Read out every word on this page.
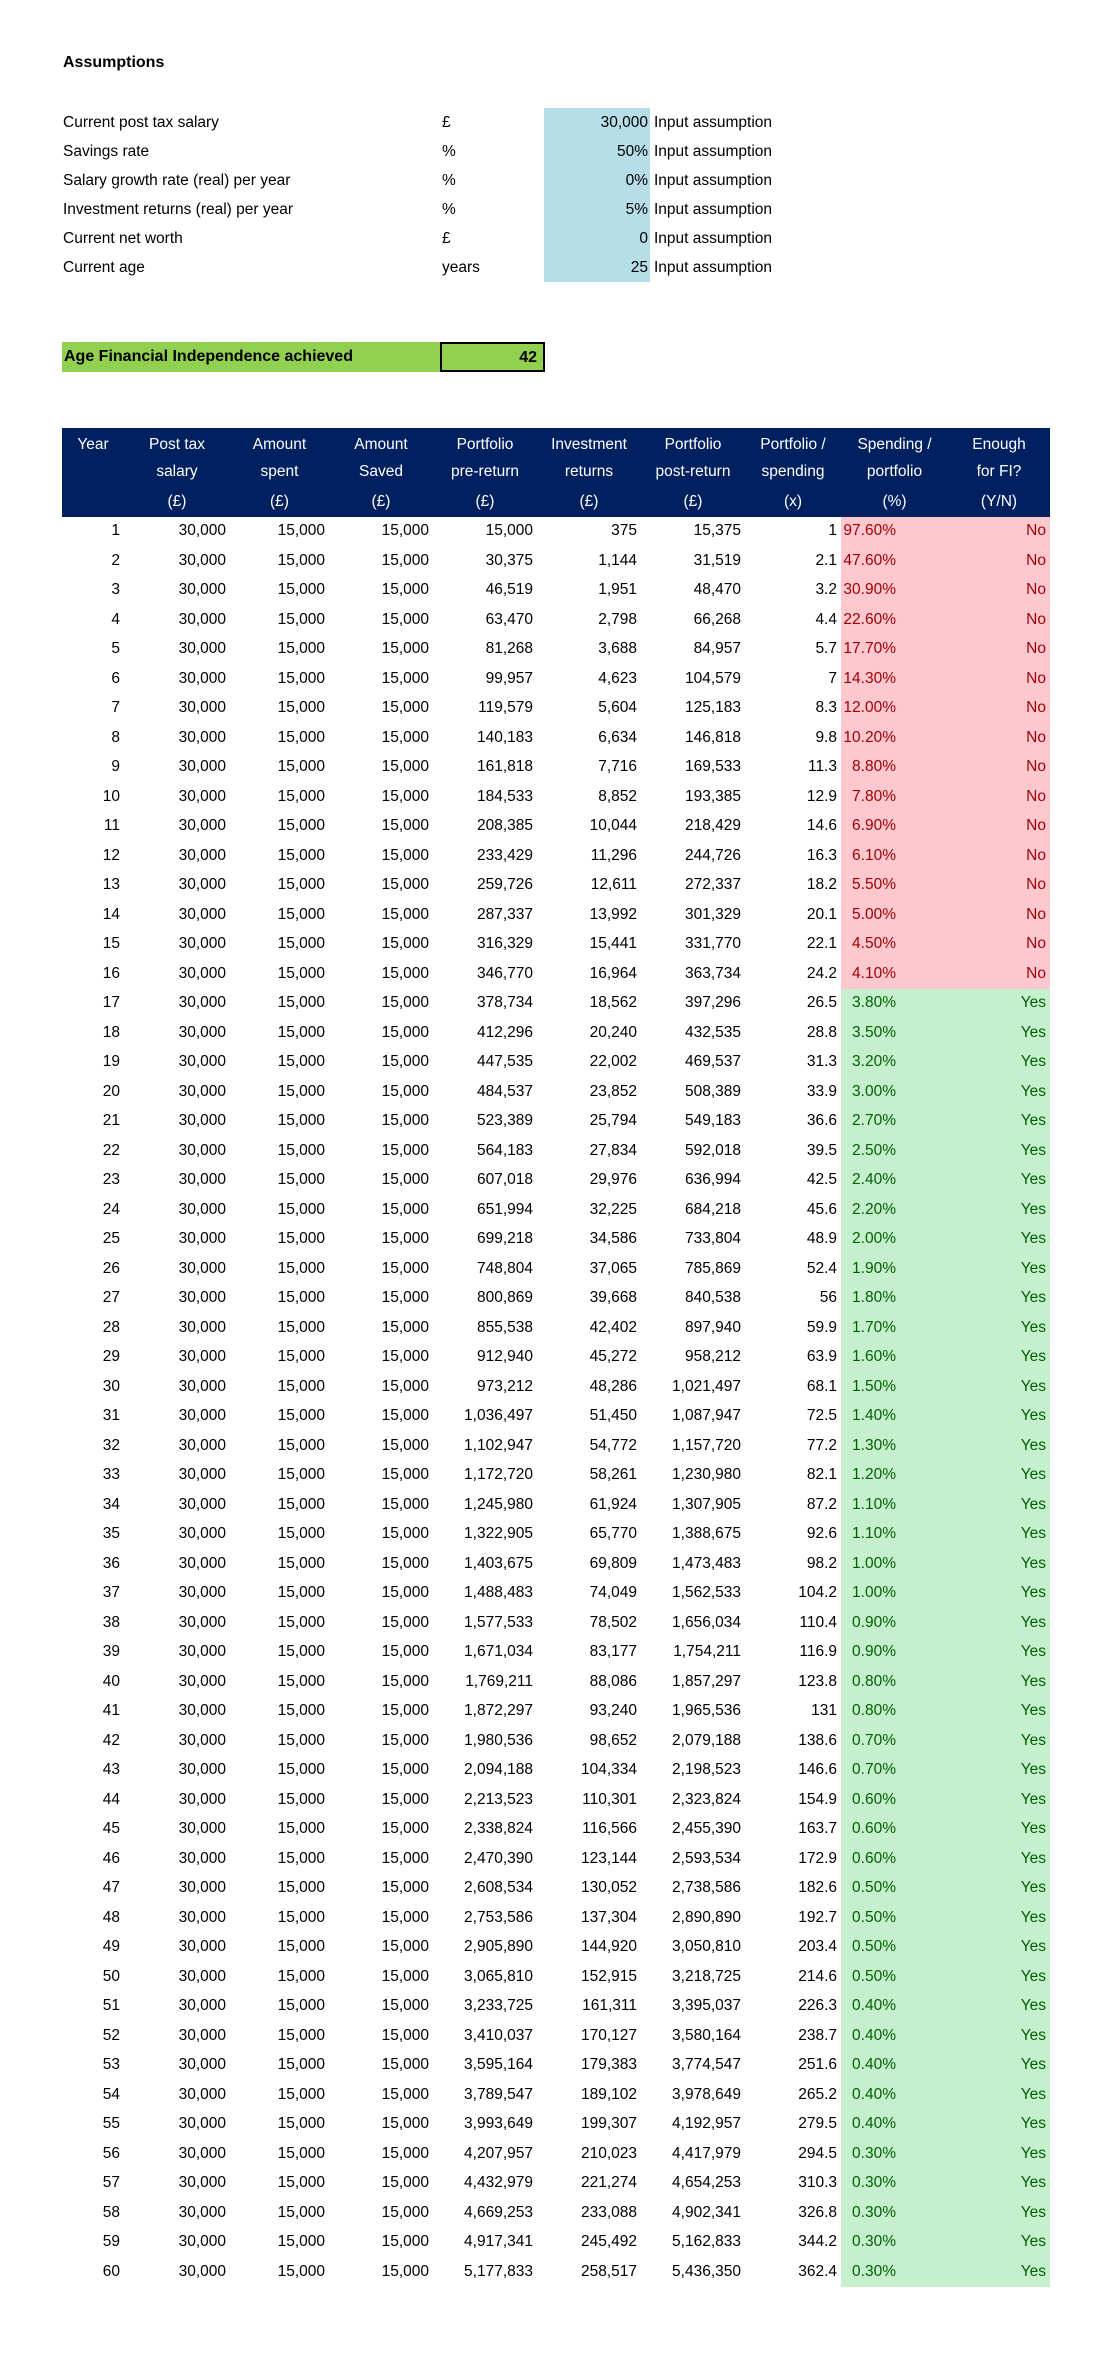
Assumptions
Current post tax salary	£	30,000 Input assumption
Savings rate	%	50% Input assumption
Salary growth rate (real) per year	%	0% Input assumption
Investment returns (real) per year	%	5% Input assumption
Current net worth	£	0 Input assumption
Current age	years	25 Input assumption
Age Financial Independence achieved	42
Year	Post tax	Amount	Amount	Portfolio	Investment	Portfolio	Portfolio /	Spending /	Enough
	salary	spent	Saved	pre-return	returns	post-return	spending	portfolio	for FI?
	(£)	(£)	(£)	(£)	(£)	(£)	(x)	(%)	(Y/N)
1	30,000	15,000	15,000	15,000	375	15,375	1	97.60%	No
2	30,000	15,000	15,000	30,375	1,144	31,519	2.1	47.60%	No
3	30,000	15,000	15,000	46,519	1,951	48,470	3.2	30.90%	No
4	30,000	15,000	15,000	63,470	2,798	66,268	4.4	22.60%	No
5	30,000	15,000	15,000	81,268	3,688	84,957	5.7	17.70%	No
6	30,000	15,000	15,000	99,957	4,623	104,579	7	14.30%	No
7	30,000	15,000	15,000	119,579	5,604	125,183	8.3	12.00%	No
8	30,000	15,000	15,000	140,183	6,634	146,818	9.8	10.20%	No
9	30,000	15,000	15,000	161,818	7,716	169,533	11.3	8.80%	No
10	30,000	15,000	15,000	184,533	8,852	193,385	12.9	7.80%	No
11	30,000	15,000	15,000	208,385	10,044	218,429	14.6	6.90%	No
12	30,000	15,000	15,000	233,429	11,296	244,726	16.3	6.10%	No
13	30,000	15,000	15,000	259,726	12,611	272,337	18.2	5.50%	No
14	30,000	15,000	15,000	287,337	13,992	301,329	20.1	5.00%	No
15	30,000	15,000	15,000	316,329	15,441	331,770	22.1	4.50%	No
16	30,000	15,000	15,000	346,770	16,964	363,734	24.2	4.10%	No
17	30,000	15,000	15,000	378,734	18,562	397,296	26.5	3.80%	Yes
18	30,000	15,000	15,000	412,296	20,240	432,535	28.8	3.50%	Yes
19	30,000	15,000	15,000	447,535	22,002	469,537	31.3	3.20%	Yes
20	30,000	15,000	15,000	484,537	23,852	508,389	33.9	3.00%	Yes
21	30,000	15,000	15,000	523,389	25,794	549,183	36.6	2.70%	Yes
22	30,000	15,000	15,000	564,183	27,834	592,018	39.5	2.50%	Yes
23	30,000	15,000	15,000	607,018	29,976	636,994	42.5	2.40%	Yes
24	30,000	15,000	15,000	651,994	32,225	684,218	45.6	2.20%	Yes
25	30,000	15,000	15,000	699,218	34,586	733,804	48.9	2.00%	Yes
26	30,000	15,000	15,000	748,804	37,065	785,869	52.4	1.90%	Yes
27	30,000	15,000	15,000	800,869	39,668	840,538	56	1.80%	Yes
28	30,000	15,000	15,000	855,538	42,402	897,940	59.9	1.70%	Yes
29	30,000	15,000	15,000	912,940	45,272	958,212	63.9	1.60%	Yes
30	30,000	15,000	15,000	973,212	48,286	1,021,497	68.1	1.50%	Yes
31	30,000	15,000	15,000	1,036,497	51,450	1,087,947	72.5	1.40%	Yes
32	30,000	15,000	15,000	1,102,947	54,772	1,157,720	77.2	1.30%	Yes
33	30,000	15,000	15,000	1,172,720	58,261	1,230,980	82.1	1.20%	Yes
34	30,000	15,000	15,000	1,245,980	61,924	1,307,905	87.2	1.10%	Yes
35	30,000	15,000	15,000	1,322,905	65,770	1,388,675	92.6	1.10%	Yes
36	30,000	15,000	15,000	1,403,675	69,809	1,473,483	98.2	1.00%	Yes
37	30,000	15,000	15,000	1,488,483	74,049	1,562,533	104.2	1.00%	Yes
38	30,000	15,000	15,000	1,577,533	78,502	1,656,034	110.4	0.90%	Yes
39	30,000	15,000	15,000	1,671,034	83,177	1,754,211	116.9	0.90%	Yes
40	30,000	15,000	15,000	1,769,211	88,086	1,857,297	123.8	0.80%	Yes
41	30,000	15,000	15,000	1,872,297	93,240	1,965,536	131	0.80%	Yes
42	30,000	15,000	15,000	1,980,536	98,652	2,079,188	138.6	0.70%	Yes
43	30,000	15,000	15,000	2,094,188	104,334	2,198,523	146.6	0.70%	Yes
44	30,000	15,000	15,000	2,213,523	110,301	2,323,824	154.9	0.60%	Yes
45	30,000	15,000	15,000	2,338,824	116,566	2,455,390	163.7	0.60%	Yes
46	30,000	15,000	15,000	2,470,390	123,144	2,593,534	172.9	0.60%	Yes
47	30,000	15,000	15,000	2,608,534	130,052	2,738,586	182.6	0.50%	Yes
48	30,000	15,000	15,000	2,753,586	137,304	2,890,890	192.7	0.50%	Yes
49	30,000	15,000	15,000	2,905,890	144,920	3,050,810	203.4	0.50%	Yes
50	30,000	15,000	15,000	3,065,810	152,915	3,218,725	214.6	0.50%	Yes
51	30,000	15,000	15,000	3,233,725	161,311	3,395,037	226.3	0.40%	Yes
52	30,000	15,000	15,000	3,410,037	170,127	3,580,164	238.7	0.40%	Yes
53	30,000	15,000	15,000	3,595,164	179,383	3,774,547	251.6	0.40%	Yes
54	30,000	15,000	15,000	3,789,547	189,102	3,978,649	265.2	0.40%	Yes
55	30,000	15,000	15,000	3,993,649	199,307	4,192,957	279.5	0.40%	Yes
56	30,000	15,000	15,000	4,207,957	210,023	4,417,979	294.5	0.30%	Yes
57	30,000	15,000	15,000	4,432,979	221,274	4,654,253	310.3	0.30%	Yes
58	30,000	15,000	15,000	4,669,253	233,088	4,902,341	326.8	0.30%	Yes
59	30,000	15,000	15,000	4,917,341	245,492	5,162,833	344.2	0.30%	Yes
60	30,000	15,000	15,000	5,177,833	258,517	5,436,350	362.4	0.30%	Yes
